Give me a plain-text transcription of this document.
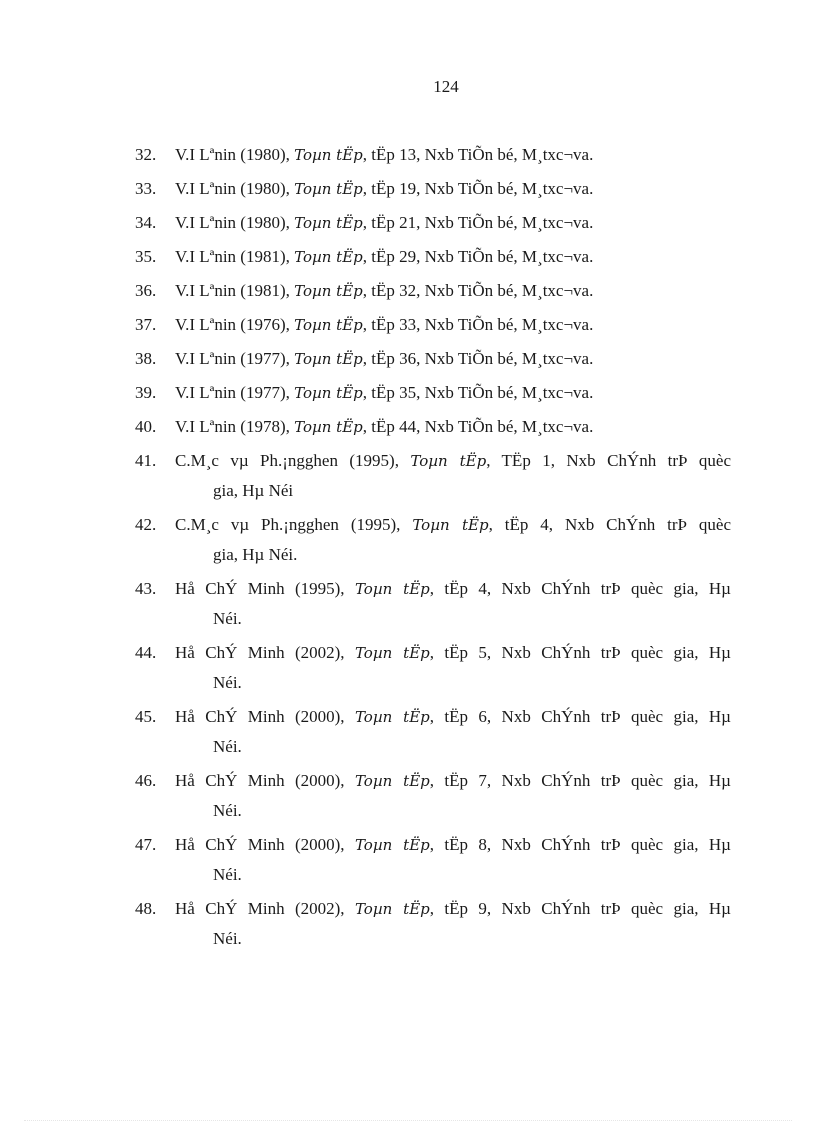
124
32.	V.I Lªnin (1980), Toµn tËp, tËp 13, Nxb TiÕn bé, M¸txc¬va.
33.	V.I Lªnin (1980), Toµn tËp, tËp 19, Nxb TiÕn bé, M¸txc¬va.
34.	V.I Lªnin (1980), Toµn tËp, tËp 21, Nxb TiÕn bé, M¸txc¬va.
35.	V.I Lªnin (1981), Toµn tËp, tËp 29, Nxb TiÕn bé, M¸txc¬va.
36.	V.I Lªnin (1981), Toµn tËp, tËp 32, Nxb TiÕn bé, M¸txc¬va.
37.	V.I Lªnin (1976), Toµn tËp, tËp 33, Nxb TiÕn bé, M¸txc¬va.
38.	V.I Lªnin (1977), Toµn tËp, tËp 36, Nxb TiÕn bé, M¸txc¬va.
39.	V.I Lªnin (1977), Toµn tËp, tËp 35, Nxb TiÕn bé, M¸txc¬va.
40.	V.I Lªnin (1978), Toµn tËp, tËp 44, Nxb TiÕn bé, M¸txc¬va.
41.	C.M¸c vµ Ph.¡ngghen (1995), Toµn tËp, TËp 1, Nxb ChÝnh trÞ quèc
gia, Hµ Néi
42.	C.M¸c vµ Ph.¡ngghen (1995), Toµn tËp, tËp 4, Nxb ChÝnh trÞ quèc
gia, Hµ Néi.
43.	Hå ChÝ Minh (1995), Toµn tËp, tËp 4, Nxb ChÝnh trÞ quèc gia, Hµ
Néi.
44.	Hå ChÝ Minh (2002), Toµn tËp, tËp 5, Nxb ChÝnh trÞ quèc gia, Hµ
Néi.
45.	Hå ChÝ Minh (2000), Toµn tËp, tËp 6, Nxb ChÝnh trÞ quèc gia, Hµ
Néi.
46.	Hå ChÝ Minh (2000), Toµn tËp, tËp 7, Nxb ChÝnh trÞ quèc gia, Hµ
Néi.
47.	Hå ChÝ Minh (2000), Toµn tËp, tËp 8, Nxb ChÝnh trÞ quèc gia, Hµ
Néi.
48.	Hå ChÝ Minh (2002), Toµn tËp, tËp 9, Nxb ChÝnh trÞ quèc gia, Hµ
Néi.
